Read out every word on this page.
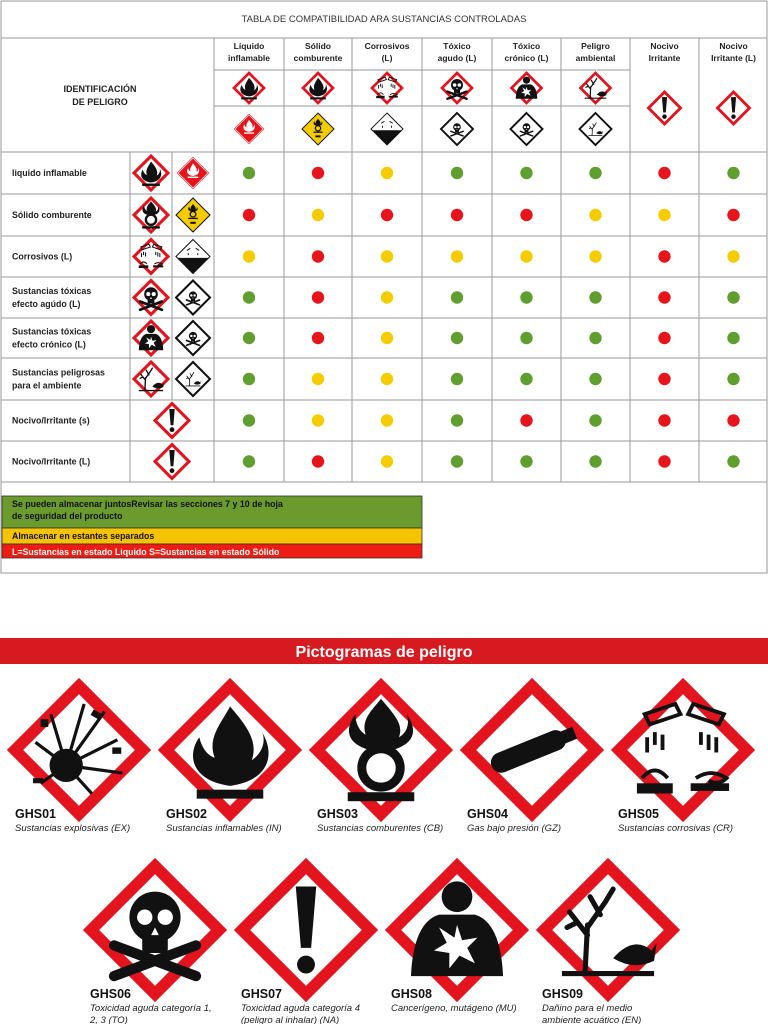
TABLA DE COMPATIBILIDAD ARA SUSTANCIAS CONTROLADAS
IDENTIFICACIÓN
DE PELIGRO
Líquido
inflamable
Sólido
comburente
Corrosivos
(L)
Tóxico
agudo (L)
Tóxico
crónico (L)
Peligro
ambiental
Nocivo
Irritante
Nocivo
Irritante (L)
liquido inflamable
Sólido comburente
Corrosivos (L)
Sustancias tóxicas
efecto agúdo (L)
Sustancias tóxicas
efecto crónico (L)
Sustancias peligrosas
para el ambiente
Nocivo/Irritante (s)
Nocivo/Irritante (L)
Se pueden almacenar juntosRevisar las secciones 7 y 10 de hoja
de seguridad del producto
Almacenar en estantes separados
L=Sustancias en estado Liquido S=Sustancias en estado Sólido
Pictogramas de peligro
GHS01
Sustancias explosivas (EX)
GHS02
Sustancias inflamables (IN)
GHS03
Sustancias comburentes (CB)
GHS04
Gas bajo presión (GZ)
GHS05
Sustancias corrosivas (CR)
GHS06
Toxicidad aguda categoría 1,
2, 3 (TO)
GHS07
Toxicidad aguda categoría 4
(peligro al inhalar) (NA)
GHS08
Cancerígeno, mutágeno (MU)
GHS09
Dañino para el medio
ambiente acuático (EN)
